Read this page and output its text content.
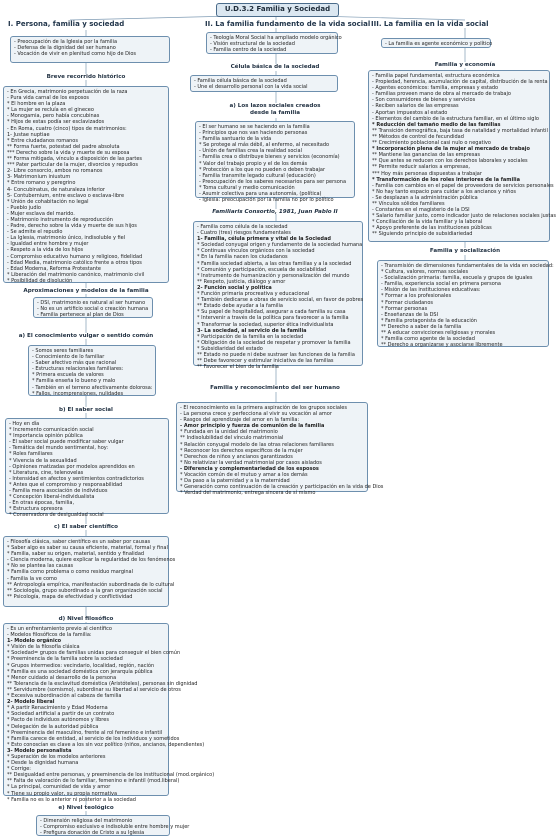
U.D.3.2 Familia y Sociedad
I. Persona, familia y sociedad	II. La familia fundamento de la vida social III. La familia en la vida social
- Preocupación de la Iglesia por la familia
- Defensa de la dignidad del ser humano
- Vocación de vivir en plenitud como hijo de Dios
Breve recorrido histórico
- En Grecia, matrimonio perpetuación de la raza
- Pura vida carnal de los esposos
* El hombre en la plaza
* La mujer se recluía en el gineceo
- Monogamia, pero había concubinas
* Hijos de estas podía ser esclavizados
- En Roma, cuatro (cinco) tipos de matrimonios:
1- Justae nuptiae
* Entre ciudadanos romanos
** Forma fuerte, potestad del padre absoluta
*** Derecho sobre la vida y muerte de su esposa
** Forma mitigada, vínculo a disposición de las partes
*** Pater particular de la mujer, divorcios y repudios
2- Libre consorcio, ambos no romanos
3- Matrimonium iniustum
* Entre romano y peregrino
4- Concubinatus, de naturaleza inferior
5- Contubernium, entre esclavo o esclava-libre
* Unión de cohabitación no legal
- Pueblo judío
- Mujer esclava del marido.
- Matrimonio instrumento de reproducción
- Padre, derecho sobre la vida y muerte de sus hijos
- Se admite el repudio
- La Iglesia, matrimonio único, indisoluble y fiel
- Igualdad entre hombre y mujer
- Respeto a la vida de los hijos
- Compromiso educativo humano y religioso, fidelidad
- Edad Media, matrimonio católico frente a otros tipos
- Edad Moderna, Reforma Protestante
* Liberación del matrimonio canónico, matrimonio civil
* Posibilidad de disolución
Aproximaciones y modelos de la familia
- DSI, matrimonio es natural al ser humano
- No es un artificio social o creación humana
- Familia pertenece al plan de Dios
a) El conocimiento vulgar o sentido común
- Somos seres familiares
- Conocimiento de lo familiar
- Saber afectivo más que racional
- Estructuras relacionales familiares:
* Primera escuela de valores
* Familia enseña lo bueno y malo
- También en el terreno afectivamente dolorosa:
* Fallos, incomprensiones, nulidades
b) El saber social
- Hoy en día
* Incremento comunicación social
* Importancia opinión pública
- El saber social puede modificar saber vulgar
- Temática del mundo sentimental, hoy:
* Roles familiares
* Vivencia de la sexualidad
- Opiniones matizadas por modelos aprendidos en
* Literatura, cine, telenovelas
- Intensidad en afectos y sentimientos contradictorios
* Antes que el compromiso y responsabilidad
- Familia mera asociación de individuos
* Concepción liberal-individualista
- En otras épocas, familia,
* Estructura opresora
* Conservadora de desigualdad social
c) El saber científico
- Filosofía clásica, saber científico es un saber por causas
* Saber algo es saber su causa eficiente, material, formal y final
* Familia, saber su origen, material, sentido y finalidad
- Ciencia moderna, quiere explicar la regularidad de los fenómenos
* No se plantea las causas
* Familia como problema o como residuo marginal
- Familia la ve como
** Antropología empírica, manifestación subordinada de lo cultural
** Sociología, grupo subordinado a la gran organización social
** Psicología, mapa de efectividad y conflictividad
d) Nivel filosófico
- Es un enfrentamiento previo al científico
- Modelos filosóficos de la familia:
1- Modelo orgánico
* Visión de la filosofía clásica
* Sociedad= grupos de familias unidas para conseguir el bien común
* Preeminencia de la familia sobre la sociedad
* Grupos intermedios: vecindario, localidad, región, nación
* Familia es una sociedad doméstica con jerarquía pública
* Menor cuidado al desarrollo de la persona
** Tolerancia de la esclavitud doméstica (Aristóteles), personas sin dignidad
** Servidumbre (somismo), subordinar su libertad al servicio de otros
* Excesiva subordinación al cabeza de familia
2- Modelo liberal
* A partir Renacimiento y Edad Moderna
* Sociedad artificial a partir de un contrato
* Pacto de individuos autónomos y libres
* Delegación de la autoridad pública
* Preeminencia del masculino, frente al rol femenino e infantil
* Familia carece de entidad, al servicio de los individuos y sometidos
* Esto conoscían es clave a los sin voz político (niños, ancianos, dependientes)
3- Modelo personalista
* Superación de los modelos anteriores
* Desde la dignidad humana
* Corrige:
** Desigualdad entre personas, y preeminencia de los institucional (mod.orgánico)
** Falta de valoración de lo familiar, femenino e infantil (mod.liberal)
* La principal, comunidad de vida y amor
* Tiene su propio valor, su propia normativa
* Familia no es lo anterior ni posterior a la sociedad
e) Nivel teológico
- Dimensión religiosa del matrimonio
- Compromiso exclusivo e indisoluble entre hombre y mujer
- Prefigura donación de Cristo a su Iglesia
- Teología Moral Social ha ampliado modelo orgánico
- Visión estructural de la sociedad
- Familia centro de la sociedad
Célula básica de la sociedad
- Familia célula básica de la sociedad
- Une el desarrollo personal con la vida social
a) Los lazos sociales creados
desde la familia
- El ser humano se se haciendo en la familia
- Principios que nos van haciendo personas
- Familia santuario de la vida
* Se protege al más débil, al enfermo, al necesitado
- Unión de familias crea la realidad social
- Familia crea o distribuye bienes y servicios (economía)
* Valor del trabajo propio y el de los demás
* Protección a los que no pueden o deben trabajar
- Familia transmite legado cultural (educación)
- Preocupación de los saberes necesarios para ser persona
* Toma cultural y medio comunicación
- Asumir colectiva para una autonomía, (política)
- Iglesia: preocupación por la familia no por lo político
Familiaris Consortio, 1981, Juan Pablo II
- Familia como célula de la sociedad
- Cuatro (tres) riesgos fundamentales
1- Familia, célula primera y vital de la Sociedad
* Sociedad conyugal origen y fundamento de la sociedad humana
* Continuas vínculos orgánicos con la sociedad
* En la familia nacen los ciudadanos
* Familia sociedad abierta, a las otras familias y a la sociedad
* Comunión y participación, escuela de sociabilidad
* Instrumento de humanización y personalización del mundo
** Respeto, justicia, diálogo y amor
2- Función social y política
* Función primaria procreativa y educacional
* También dedicarse a obras de servicio social, en favor de pobres
** Estado debe ayudar a la familia
* Su papel de hospitalidad, asegurar a cada familia su casa
* Intervenir a través de la política para favorecer a la familia
* Transformar la sociedad, superior ética individualista
3- La sociedad, al servicio de la familia
* Participación de la familia en la sociedad
* Obligación de la sociedad de respetar y promover la familia
* Subsidiaridad del estado
** Estado no puede ni debe sustraer las funciones de la familia
** Debe favorecer y estimular iniciativa de las familias
** Favorecer el bien de la familia
Familia y reconocimiento del ser humano
- El reconocimiento es la primera aspiración de los grupos sociales
- La persona crece y perfecciona al vivir su vocación al amor
- Rasgos del aprendizaje del amor en la familia:
- Amor principio y fuerza de comunión de la familia
* Fundada en la unidad del matrimonio
** Indisolubilidad del vínculo matrimonial
* Relación conyugal modelo de las otras relaciones familiares
* Reconocer los derechos específicos de la mujer
* Derechos de niños y ancianos garantizados
* No relativizar la verdad matrimonial por casos aislados
- Diferencia y complementariedad de los esposos
* Vocación común de el mutuo y amar a los demás
* Da paso a la paternidad y a la maternidad
* Generación como continuación de la creación y participación en la vida de Dios
* Verdad del matrimonio, entrega sincera de sí mismo
- La familia es agente económico y político
Familia y economía
- Familia papel fundamental, estructura económica
- Propiedad, herencia, acumulación de capital, distribución de la renta
- Agentes económicos: familia, empresas y estado
- Familias proveen mano de obra al mercado de trabajo
- Son consumidores de bienes y servicios
- Reciben salarios de las empresas
- Aportan impuestos al estado
- Elementos del cambio de la estructura familiar, en el último siglo
* Reducción del tamaño medio de las familias
** Transición demográfica, baja tasa de natalidad y mortalidad infantil
** Métodos de control de fecundidad
** Crecimiento poblacional casi nulo o negativo
* Incorporación plena de la mujer al mercado de trabajo
** Mantiene las ganancias de las empresas
** Que antes se reducen con los derechos laborales y sociales
** Permite reducir salarios a empresas,
*** Hoy más personas dispuestas a trabajar
* Transformación de los roles interiores de la familia
- Familia con cambios en el papel de proveedora de servicios personales
* No hay tanto espacio para cuidar a los ancianos y niños
- Se desplazan a la administración pública
** Vínculos sólidos familiares
- Constantes en el magisterio de la DSI
* Salario familiar justo, como indicador justo de relaciones sociales justas
* Conciliación de la vida familiar y la laboral
* Apoyo preferente de las instituciones públicas
** Siguiendo principio de subsidiariedad
Familia y socialización
- Transmisión de dimensiones fundamentales de la vida en sociedad:
* Cultura, valores, normas sociales
- Socialización primaria: familia, escuela y grupos de iguales
- Familia, experiencia social en primera persona
- Misión de las instituciones educativas:
* Formar a los profesionales
* Formar ciudadanos
* Formar personas
- Enseñanzas de la DSI
* Familia protagonista de la educación
** Derecho a saber de la familia
** A educar convicciones religiosas y morales
* Familia como agente de la sociedad
** Derecho a organizarse y asociarse libremente
